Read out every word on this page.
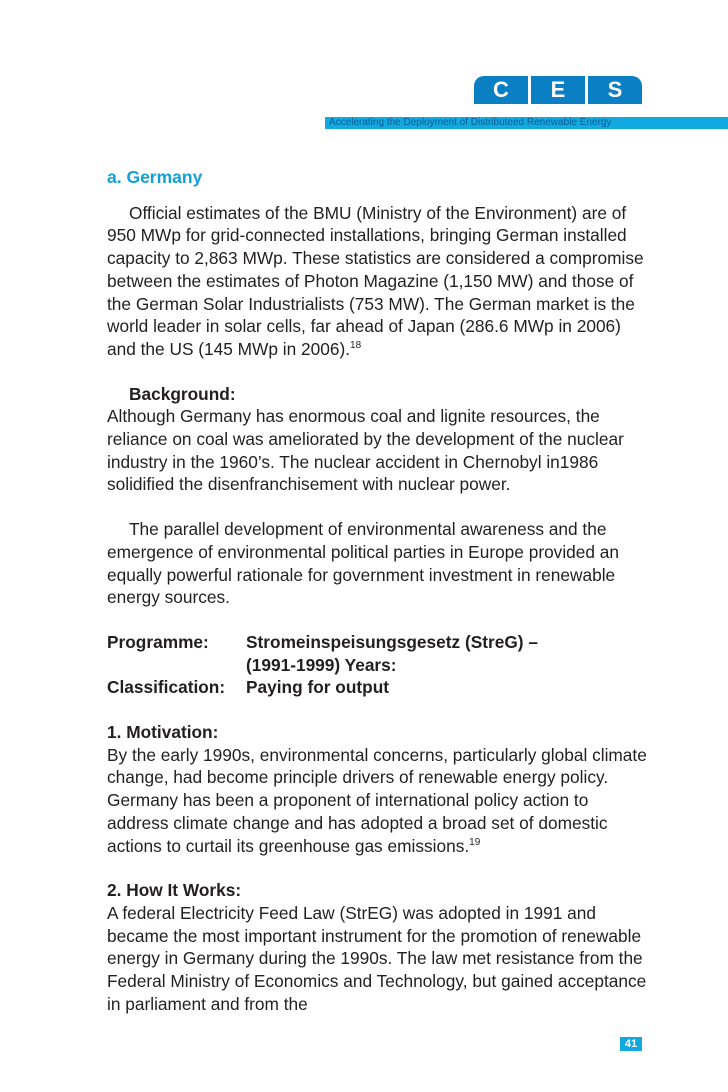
C	E	S
Accelerating the Deployment of Distributeed Renewable Energy
a. Germany

Official estimates of the BMU (Ministry of the Environment) are of 950 MWp for grid-connected installations, bringing German installed capacity to 2,863 MWp. These statistics are considered a compromise between the estimates of Photon Magazine (1,150 MW) and those of the German Solar Industrialists (753 MW). The German market is the world leader in solar cells, far ahead of Japan (286.6 MWp in 2006) and the US (145 MWp in 2006).$^{18}$

Background:
Although Germany has enormous coal and lignite resources, the reliance on coal was ameliorated by the development of the nuclear industry in the 1960’s. The nuclear accident in Chernobyl in1986 solidified the disenfranchisement with nuclear power.

The parallel development of environmental awareness and the emergence of environmental political parties in Europe provided an equally powerful rationale for government investment in renewable energy sources.

Programme:	Stromeinspeisungsgesetz (StreG) –
(1991-1999) Years:
Classification:	Paying for output

1. Motivation:
By the early 1990s, environmental concerns, particularly global climate change, had become principle drivers of renewable energy policy. Germany has been a proponent of international policy action to address climate change and has adopted a broad set of domestic actions to curtail its greenhouse gas emissions.$^{19}$

2. How It Works:
A federal Electricity Feed Law (StrEG) was adopted in 1991 and became the most important instrument for the promotion of renewable energy in Germany during the 1990s. The law met resistance from the Federal Ministry of Economics and Technology, but gained acceptance in parliament and from the

41
